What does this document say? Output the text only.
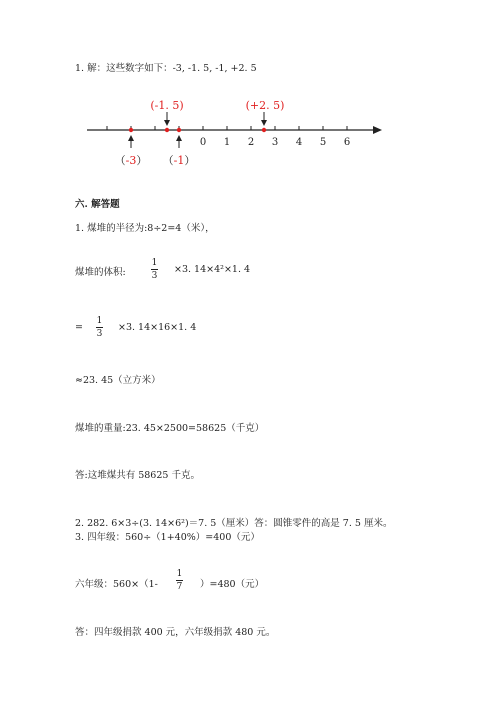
1. 解：这些数字如下：-3, -1. 5, -1, +2. 5
0 1 2 3 4 5 6
(-1. 5)	(+2. 5)
（-3） （-1）
六. 解答题
1. 煤堆的半径为:8÷2=4（米），
煤堆的体积:
1
3
×3. 14×4²×1. 4
=
1
3
×3. 14×16×1. 4
≈23. 45（立方米）
煤堆的重量:23. 45×2500=58625（千克）
答:这堆煤共有 58625 千克。
2. 282. 6×3÷(3. 14×6²)＝7. 5（厘米）答：圆锥零件的高是 7. 5 厘米。
3. 四年级：560÷（1+40%）=400（元）
六年级：560×（1-
1
7 ）=480（元）
答：四年级捐款 400 元，六年级捐款 480 元。
